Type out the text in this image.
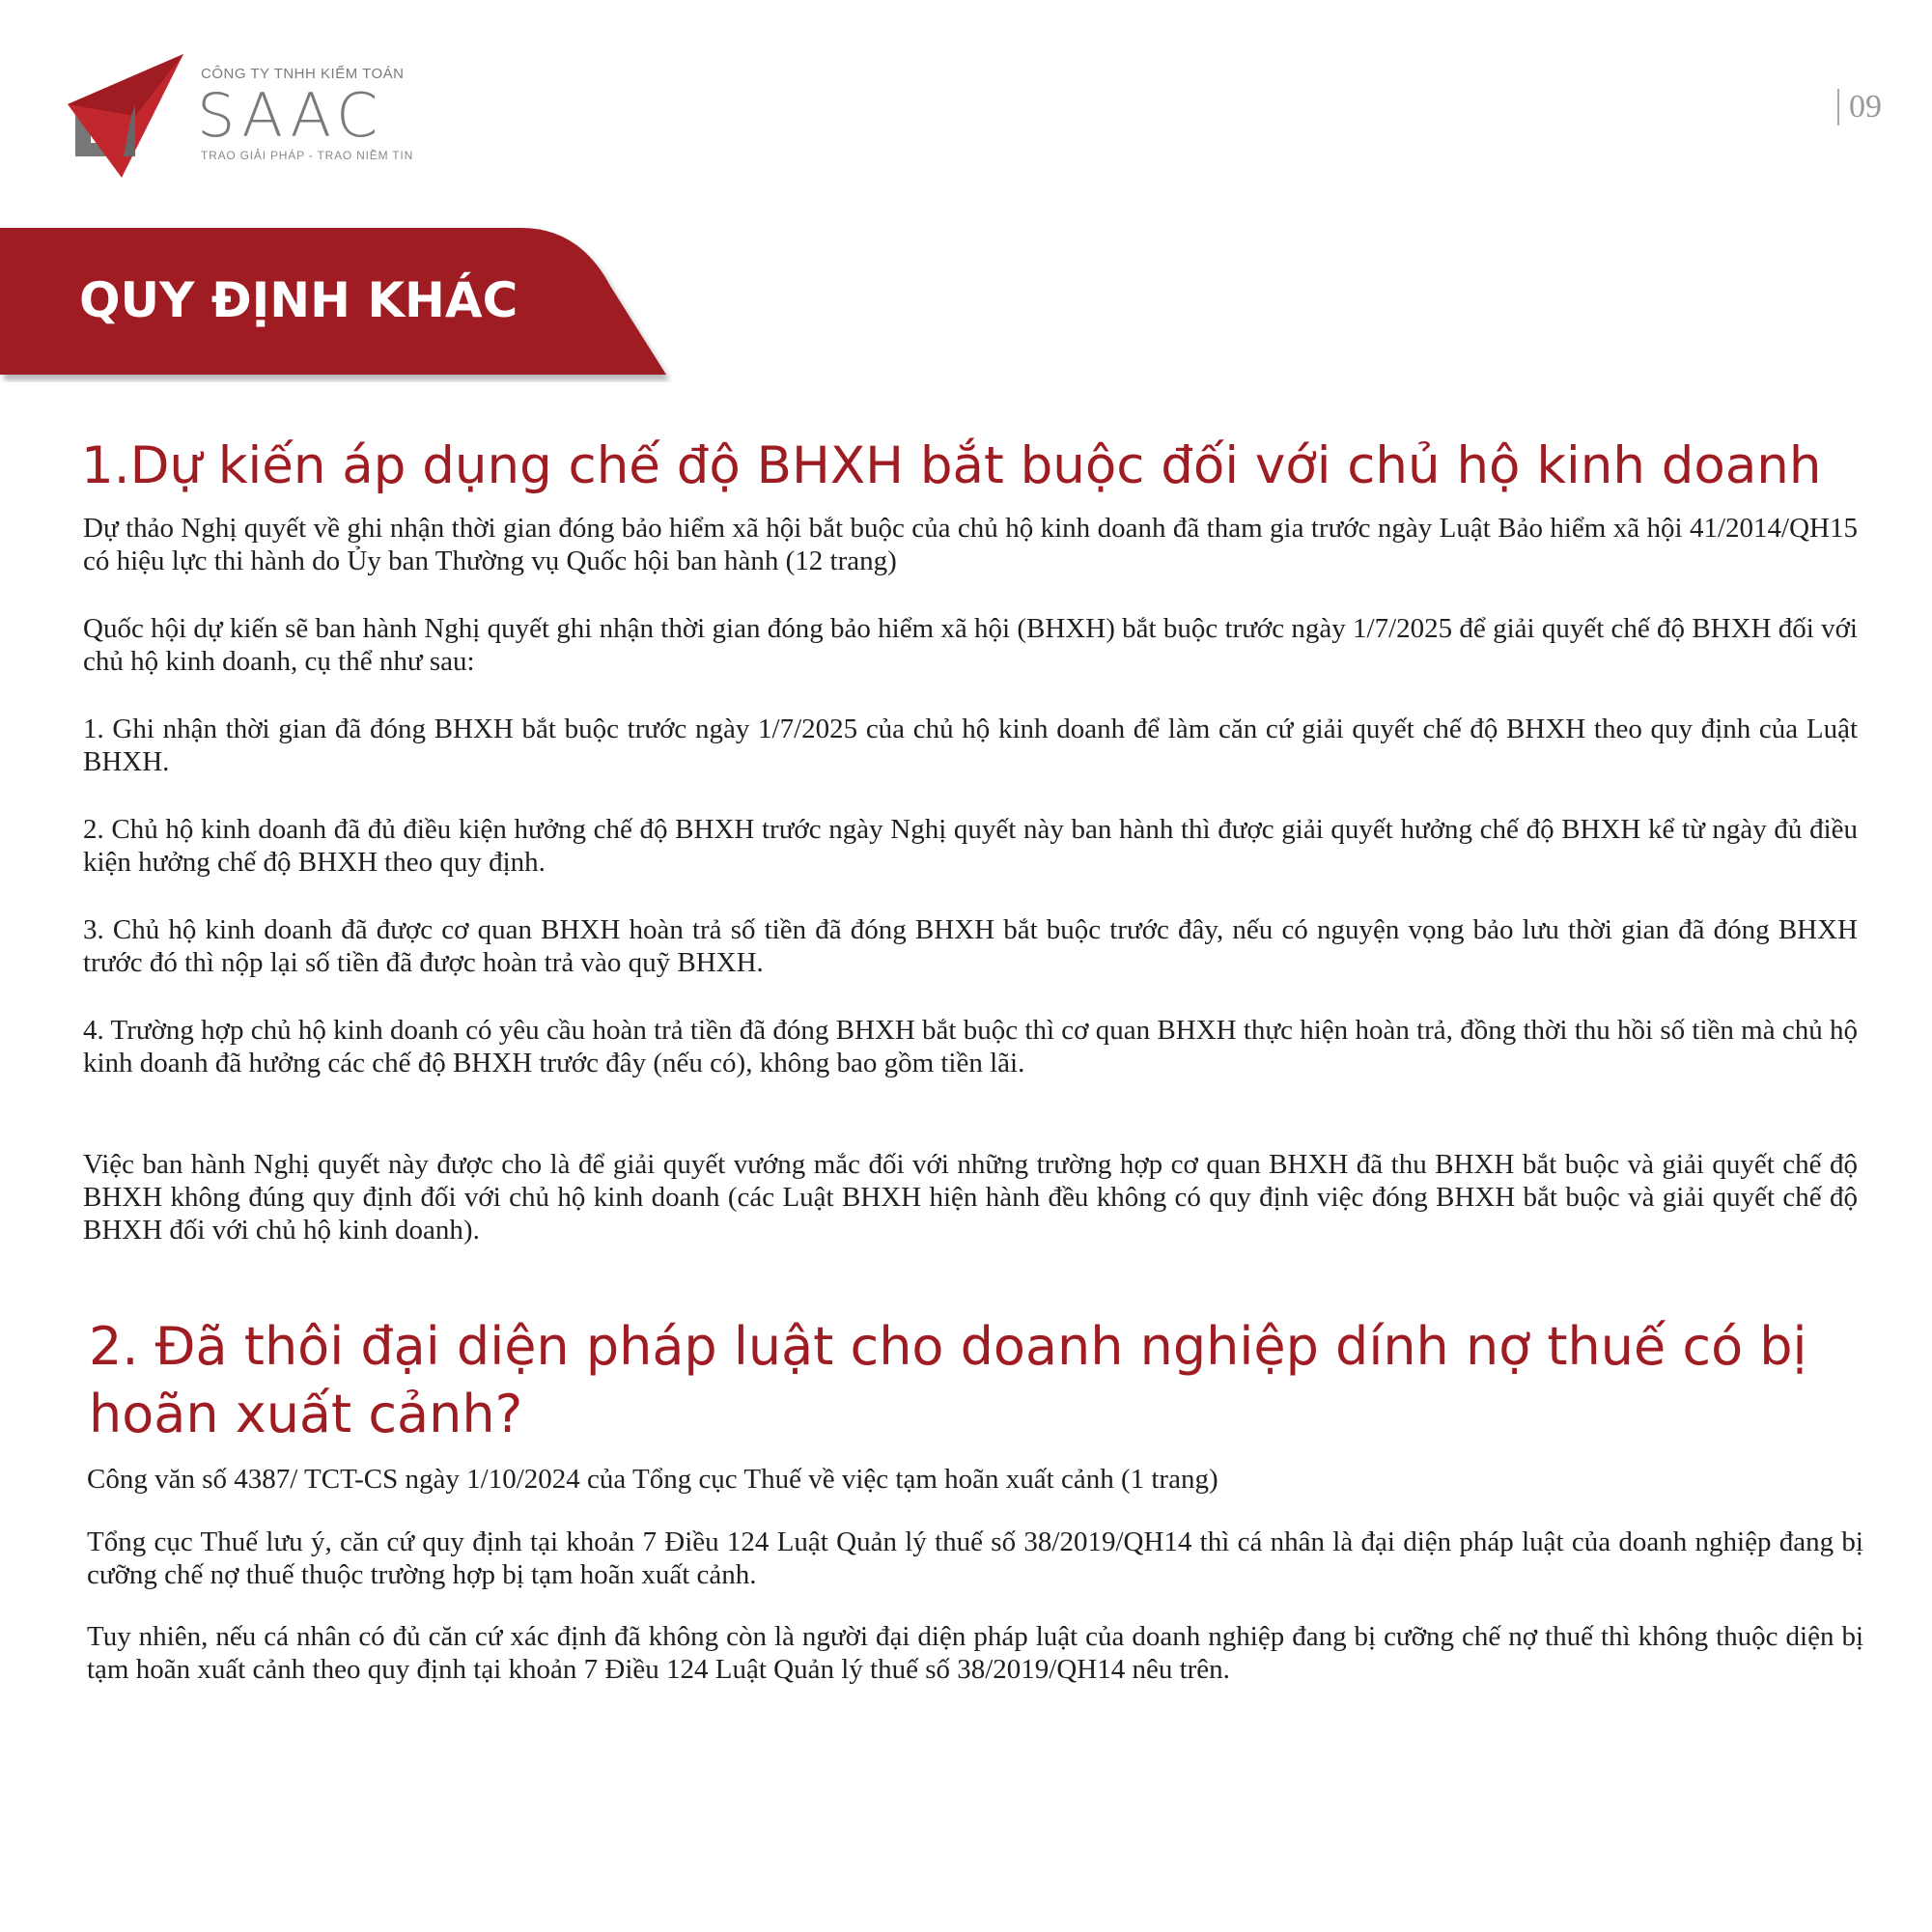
CÔNG TY TNHH KIỂM TOÁN
SAAC
TRAO GIẢI PHÁP - TRAO NIỀM TIN
09
QUY ĐỊNH KHÁC
1.Dự kiến áp dụng chế độ BHXH bắt buộc đối với chủ hộ kinh doanh

Dự thảo Nghị quyết về ghi nhận thời gian đóng bảo hiểm xã hội bắt buộc của chủ hộ kinh doanh đã tham gia trước ngày Luật Bảo hiểm xã hội 41/2014/QH15 có hiệu lực thi hành do Ủy ban Thường vụ Quốc hội ban hành (12 trang)

Quốc hội dự kiến sẽ ban hành Nghị quyết ghi nhận thời gian đóng bảo hiểm xã hội (BHXH) bắt buộc trước ngày 1/7/2025 để giải quyết chế độ BHXH đối với chủ hộ kinh doanh, cụ thể như sau:

1. Ghi nhận thời gian đã đóng BHXH bắt buộc trước ngày 1/7/2025 của chủ hộ kinh doanh để làm căn cứ giải quyết chế độ BHXH theo quy định của Luật BHXH.

2. Chủ hộ kinh doanh đã đủ điều kiện hưởng chế độ BHXH trước ngày Nghị quyết này ban hành thì được giải quyết hưởng chế độ BHXH kể từ ngày đủ điều kiện hưởng chế độ BHXH theo quy định.

3. Chủ hộ kinh doanh đã được cơ quan BHXH hoàn trả số tiền đã đóng BHXH bắt buộc trước đây, nếu có nguyện vọng bảo lưu thời gian đã đóng BHXH trước đó thì nộp lại số tiền đã được hoàn trả vào quỹ BHXH.

4. Trường hợp chủ hộ kinh doanh có yêu cầu hoàn trả tiền đã đóng BHXH bắt buộc thì cơ quan BHXH thực hiện hoàn trả, đồng thời thu hồi số tiền mà chủ hộ kinh doanh đã hưởng các chế độ BHXH trước đây (nếu có), không bao gồm tiền lãi.

Việc ban hành Nghị quyết này được cho là để giải quyết vướng mắc đối với những trường hợp cơ quan BHXH đã thu BHXH bắt buộc và giải quyết chế độ BHXH không đúng quy định đối với chủ hộ kinh doanh (các Luật BHXH hiện hành đều không có quy định việc đóng BHXH bắt buộc và giải quyết chế độ BHXH đối với chủ hộ kinh doanh).

2. Đã thôi đại diện pháp luật cho doanh nghiệp dính nợ thuế có bị hoãn xuất cảnh?

Công văn số 4387/ TCT-CS ngày 1/10/2024 của Tổng cục Thuế về việc tạm hoãn xuất cảnh (1 trang)

Tổng cục Thuế lưu ý, căn cứ quy định tại khoản 7 Điều 124 Luật Quản lý thuế số 38/2019/QH14 thì cá nhân là đại diện pháp luật của doanh nghiệp đang bị cưỡng chế nợ thuế thuộc trường hợp bị tạm hoãn xuất cảnh.

Tuy nhiên, nếu cá nhân có đủ căn cứ xác định đã không còn là người đại diện pháp luật của doanh nghiệp đang bị cưỡng chế nợ thuế thì không thuộc diện bị tạm hoãn xuất cảnh theo quy định tại khoản 7 Điều 124 Luật Quản lý thuế số 38/2019/QH14 nêu trên.
